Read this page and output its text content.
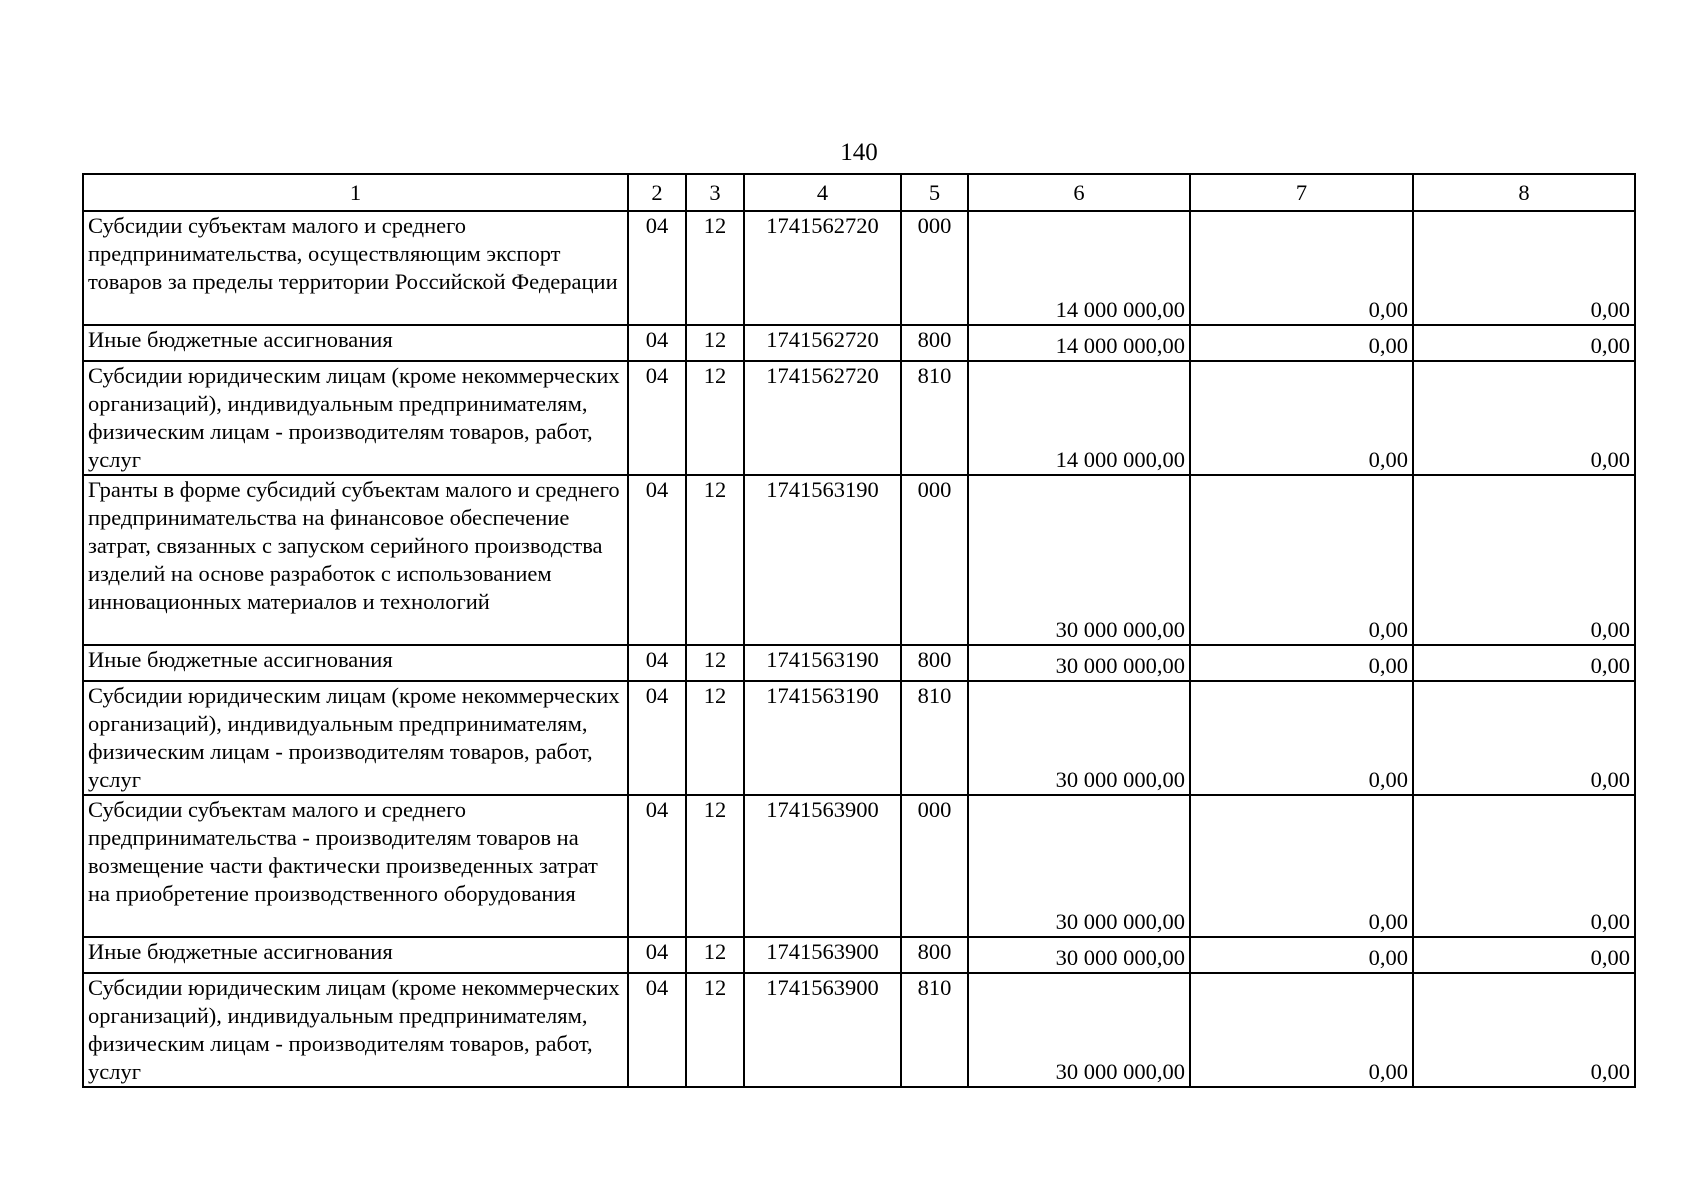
140
1	2	3	4	5	6	7	8
Субсидии субъектам малого и среднего предпринимательства, осуществляющим экспорт товаров за пределы территории Российской Федерации	04	12	1741562720	000	14 000 000,00	0,00	0,00
Иные бюджетные ассигнования	04	12	1741562720	800	14 000 000,00	0,00	0,00
Субсидии юридическим лицам (кроме некоммерческих организаций), индивидуальным предпринимателям, физическим лицам - производителям товаров, работ, услуг	04	12	1741562720	810	14 000 000,00	0,00	0,00
Гранты в форме субсидий субъектам малого и среднего предпринимательства на финансовое обеспечение затрат, связанных с запуском серийного производства изделий на основе разработок с использованием инновационных материалов и технологий	04	12	1741563190	000	30 000 000,00	0,00	0,00
Иные бюджетные ассигнования	04	12	1741563190	800	30 000 000,00	0,00	0,00
Субсидии юридическим лицам (кроме некоммерческих организаций), индивидуальным предпринимателям, физическим лицам - производителям товаров, работ, услуг	04	12	1741563190	810	30 000 000,00	0,00	0,00
Субсидии субъектам малого и среднего предпринимательства - производителям товаров на возмещение части фактически произведенных затрат на приобретение производственного оборудования	04	12	1741563900	000	30 000 000,00	0,00	0,00
Иные бюджетные ассигнования	04	12	1741563900	800	30 000 000,00	0,00	0,00
Субсидии юридическим лицам (кроме некоммерческих организаций), индивидуальным предпринимателям, физическим лицам - производителям товаров, работ, услуг	04	12	1741563900	810	30 000 000,00	0,00	0,00
